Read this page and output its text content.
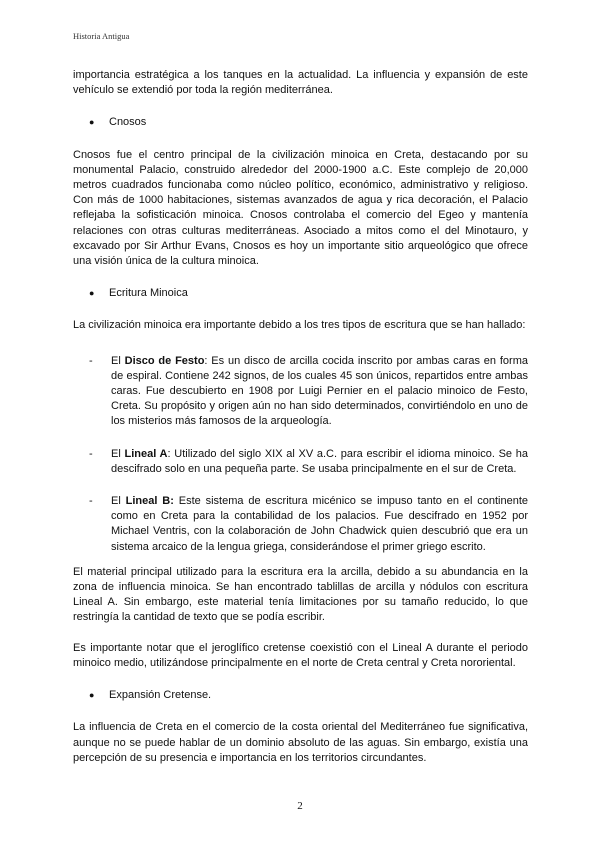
Historia Antigua

importancia estratégica a los tanques en la actualidad. La influencia y expansión de este vehículo se extendió por toda la región mediterránea.

●	Cnosos

Cnosos fue el centro principal de la civilización minoica en Creta, destacando por su monumental Palacio, construido alrededor del 2000-1900 a.C. Este complejo de 20,000 metros cuadrados funcionaba como núcleo político, económico, administrativo y religioso. Con más de 1000 habitaciones, sistemas avanzados de agua y rica decoración, el Palacio reflejaba la sofisticación minoica. Cnosos controlaba el comercio del Egeo y mantenía relaciones con otras culturas mediterráneas. Asociado a mitos como el del Minotauro, y excavado por Sir Arthur Evans, Cnosos es hoy un importante sitio arqueológico que ofrece una visión única de la cultura minoica.

●	Ecritura Minoica

La civilización minoica era importante debido a los tres tipos de escritura que se han hallado:

-	El Disco de Festo: Es un disco de arcilla cocida inscrito por ambas caras en forma de espiral. Contiene 242 signos, de los cuales 45 son únicos, repartidos entre ambas caras. Fue descubierto en 1908 por Luigi Pernier en el palacio minoico de Festo, Creta. Su propósito y origen aún no han sido determinados, convirtiéndolo en uno de los misterios más famosos de la arqueología.
-	El Lineal A: Utilizado del siglo XIX al XV a.C. para escribir el idioma minoico. Se ha descifrado solo en una pequeña parte. Se usaba principalmente en el sur de Creta.
-	El Lineal B: Este sistema de escritura micénico se impuso tanto en el continente como en Creta para la contabilidad de los palacios. Fue descifrado en 1952 por Michael Ventris, con la colaboración de John Chadwick quien descubrió que era un sistema arcaico de la lengua griega, considerándose el primer griego escrito.

El material principal utilizado para la escritura era la arcilla, debido a su abundancia en la zona de influencia minoica. Se han encontrado tablillas de arcilla y nódulos con escritura Lineal A. Sin embargo, este material tenía limitaciones por su tamaño reducido, lo que restringía la cantidad de texto que se podía escribir.

Es importante notar que el jeroglífico cretense coexistió con el Lineal A durante el periodo minoico medio, utilizándose principalmente en el norte de Creta central y Creta nororiental.

●	Expansión Cretense.

La influencia de Creta en el comercio de la costa oriental del Mediterráneo fue significativa, aunque no se puede hablar de un dominio absoluto de las aguas. Sin embargo, existía una percepción de su presencia e importancia en los territorios circundantes.

2
